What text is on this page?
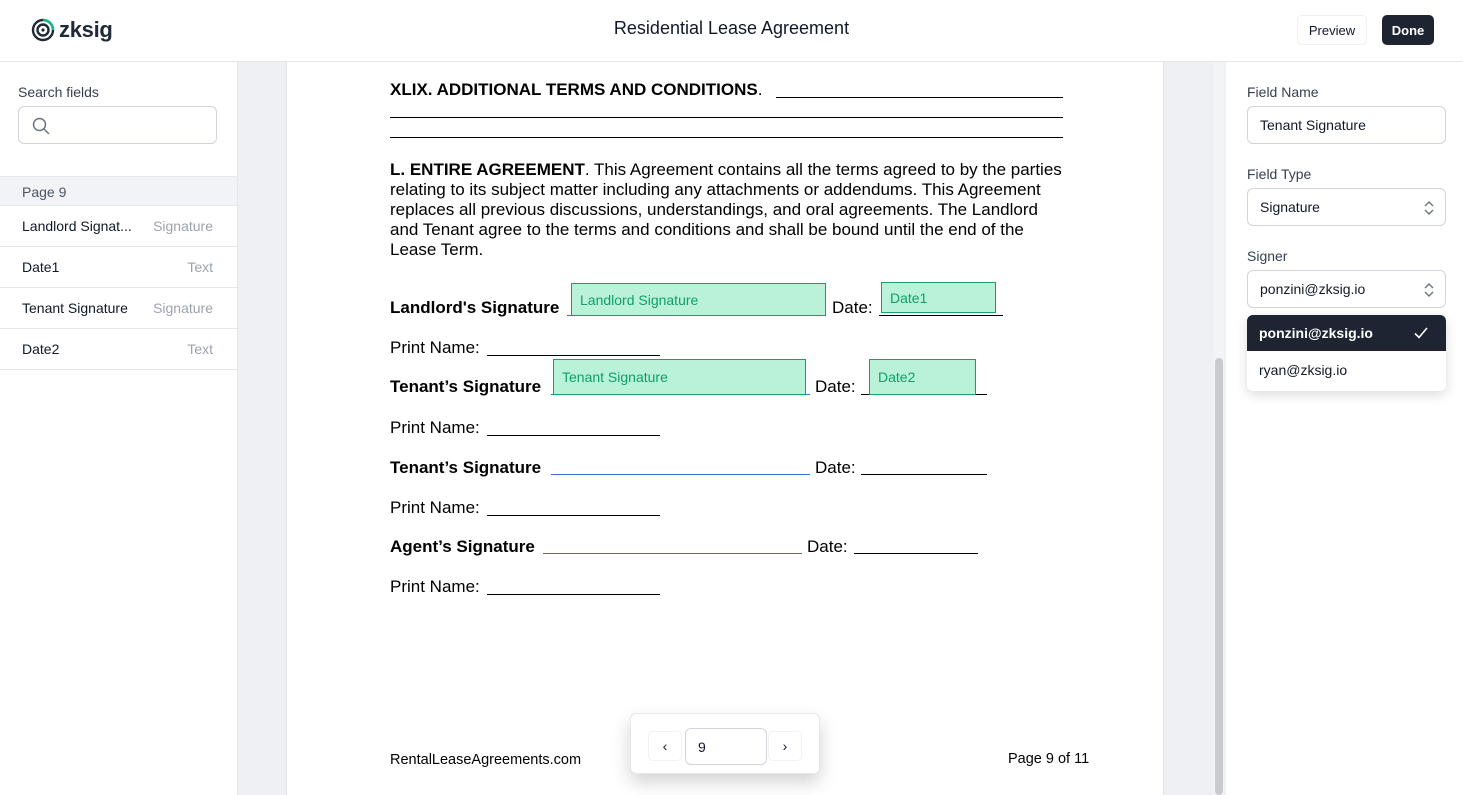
zksig	Residential Lease Agreement	Preview	Done
Search fields
Page 9
Landlord Signat...	Signature
Date1	Text
Tenant Signature	Signature
Date2	Text
XLIX. ADDITIONAL TERMS AND CONDITIONS.
L. ENTIRE AGREEMENT. This Agreement contains all the terms agreed to by the parties relating to its subject matter including any attachments or addendums. This Agreement replaces all previous discussions, understandings, and oral agreements. The Landlord and Tenant agree to the terms and conditions and shall be bound until the end of the Lease Term.
Landlord's Signature	Date:
Landlord Signature	Date1
Print Name:
Tenant’s Signature	Date:
Tenant Signature	Date2
Print Name:
Tenant’s Signature	Date:
Print Name:
Agent’s Signature	Date:
Print Name:
RentalLeaseAgreements.com	Page 9 of 11
‹
9	›
Field Name
Tenant Signature
Field Type
Signature
Signer
ponzini@zksig.io
ponzini@zksig.io
ryan@zksig.io
